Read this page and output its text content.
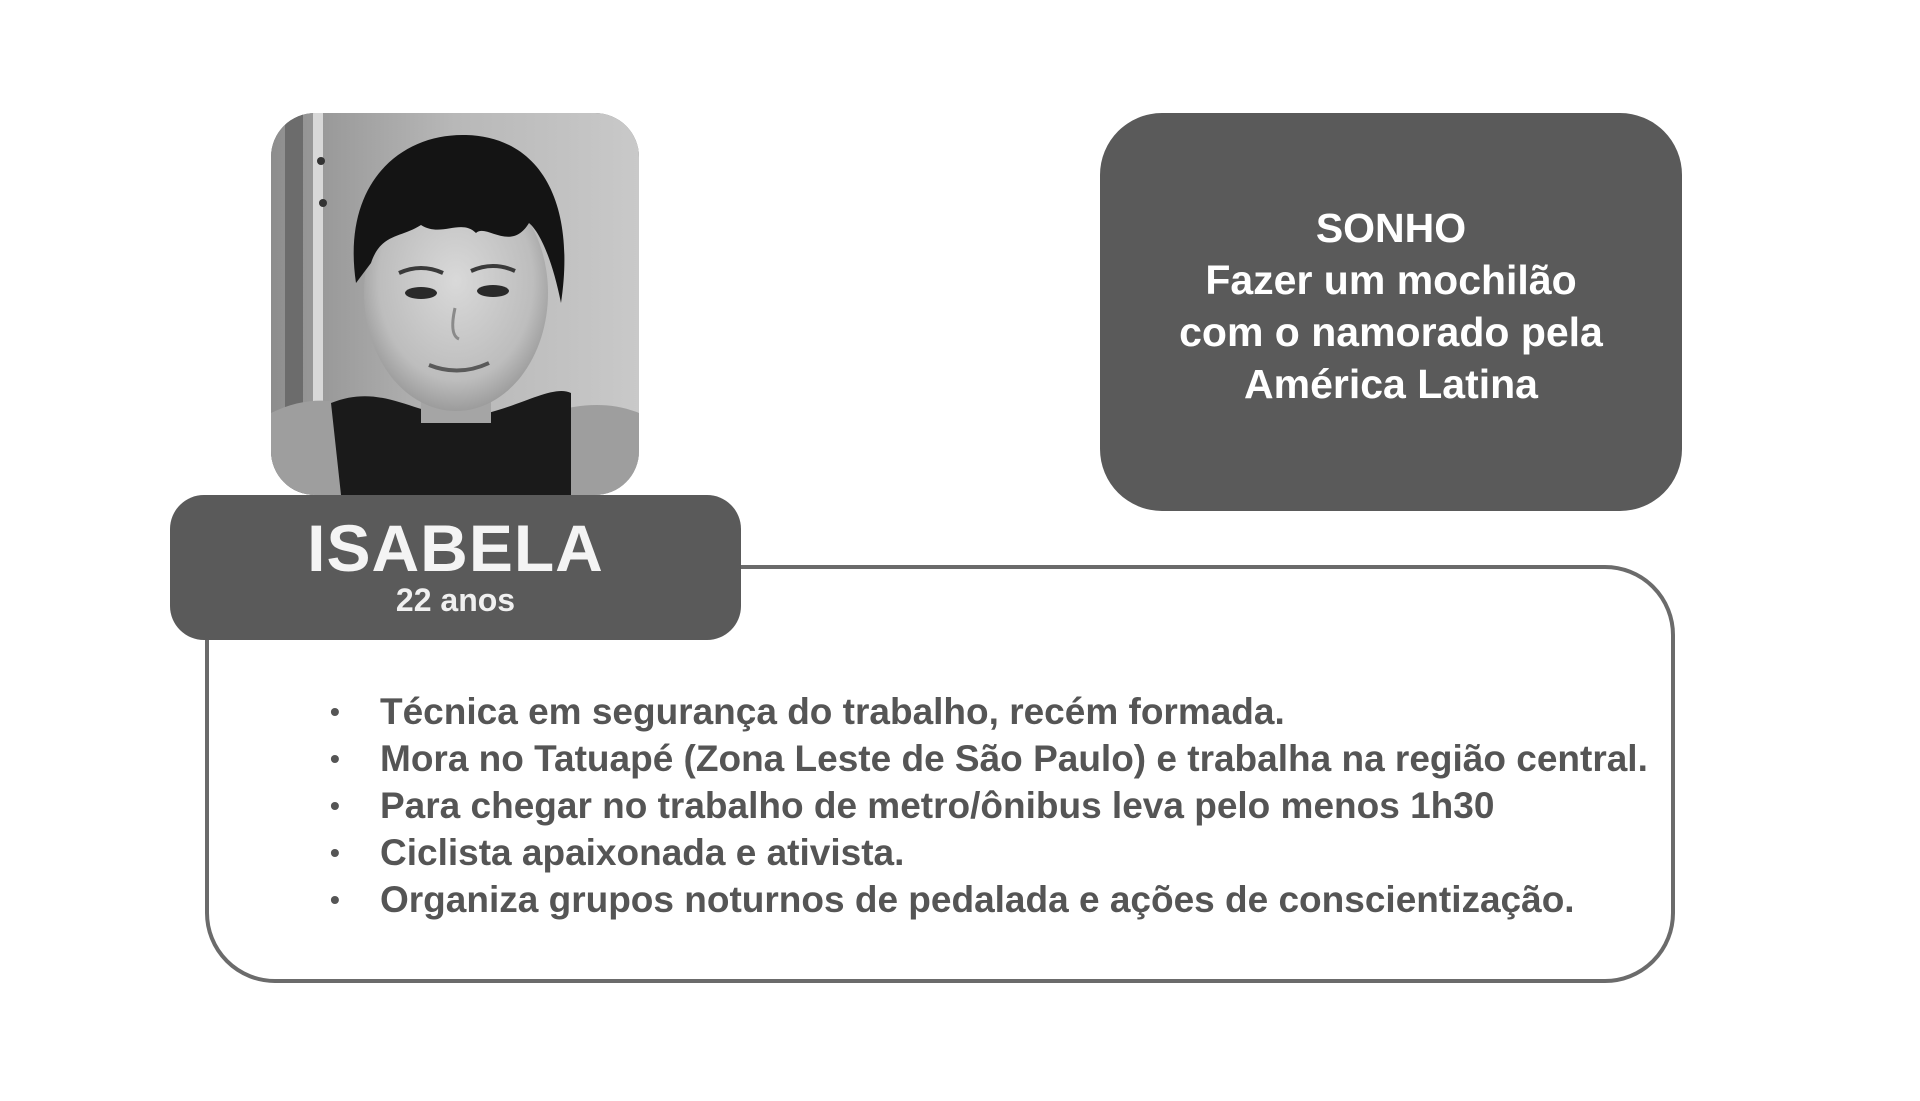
SONHO
Fazer um mochilão
com o namorado pela
América Latina
• Técnica em segurança do trabalho, recém formada.
• Mora no Tatuapé (Zona Leste de São Paulo) e trabalha na região central.
• Para chegar no trabalho de metro/ônibus leva pelo menos 1h30
• Ciclista apaixonada e ativista.
• Organiza grupos noturnos de pedalada e ações de conscientização.
ISABELA
22 anos
